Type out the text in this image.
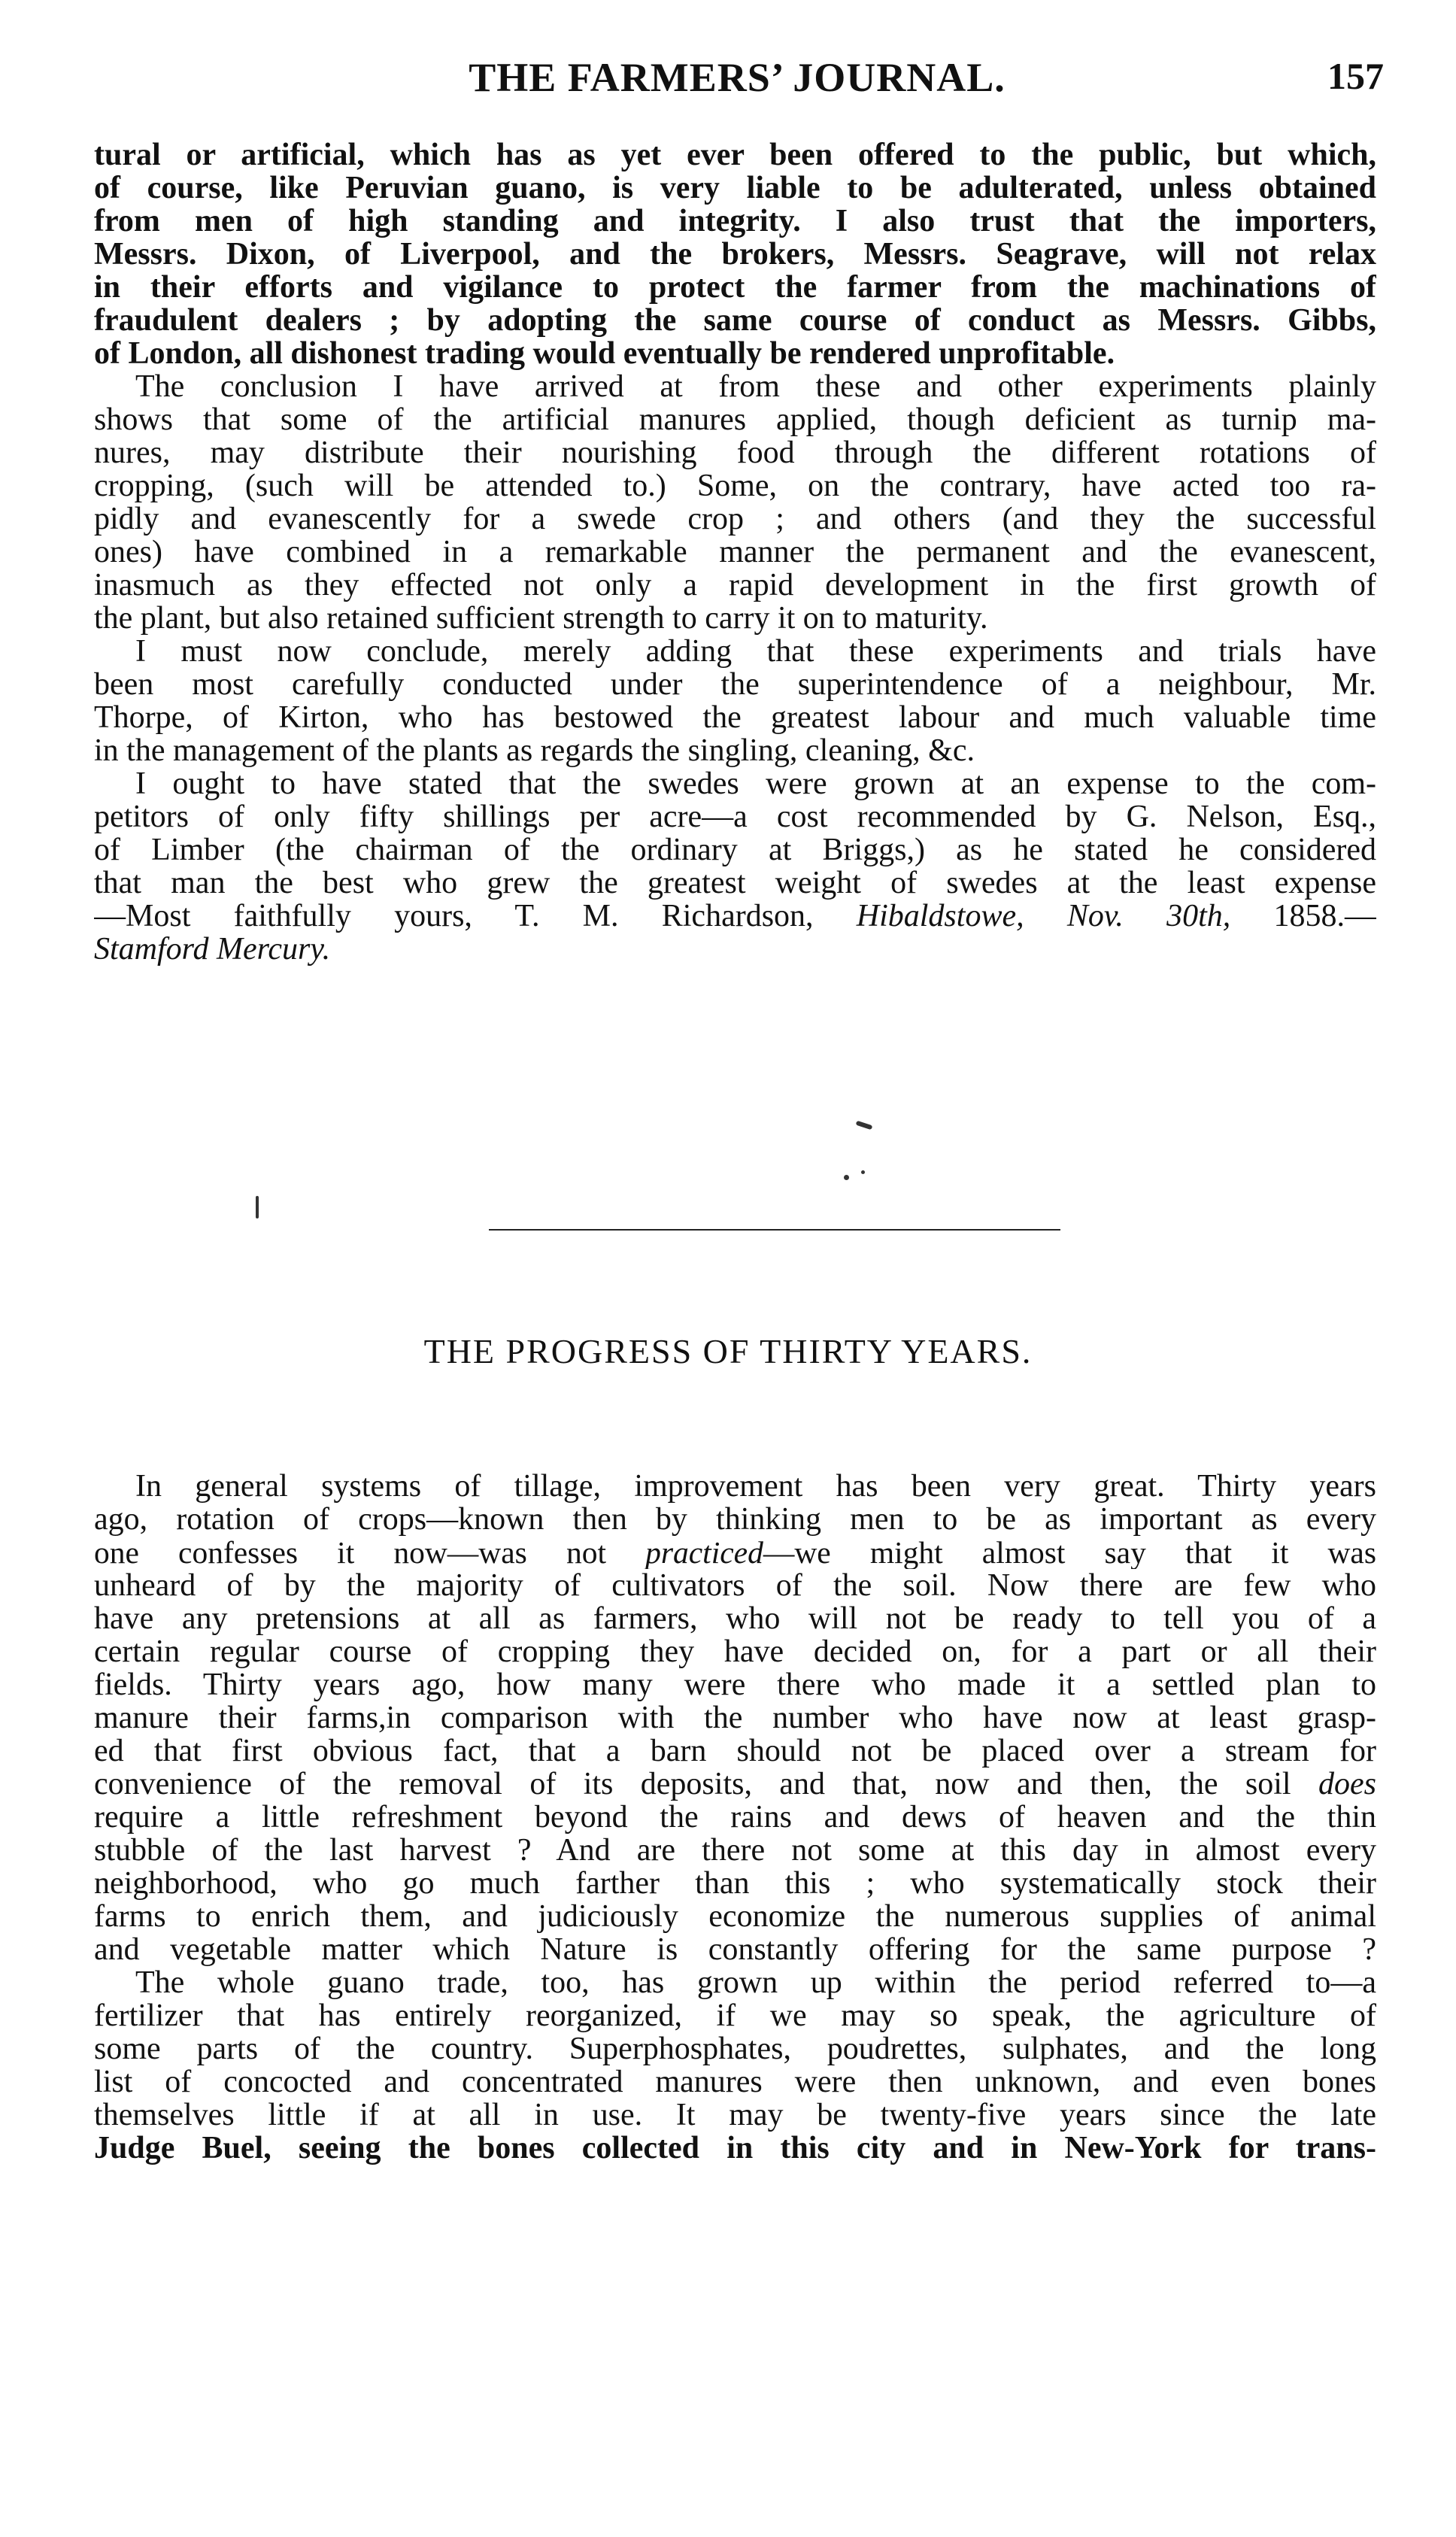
THE FARMERS’ JOURNAL.	157
tural or artificial, which has as yet ever been offered to the public, but which,
of course, like Peruvian guano, is very liable to be adulterated, unless obtained
from men of high standing and integrity. I also trust that the importers,
Messrs. Dixon, of Liverpool, and the brokers, Messrs. Seagrave, will not relax
in their efforts and vigilance to protect the farmer from the machinations of
fraudulent dealers ; by adopting the same course of conduct as Messrs. Gibbs,
of London, all dishonest trading would eventually be rendered unprofitable.
The conclusion I have arrived at from these and other experiments plainly
shows that some of the artificial manures applied, though deficient as turnip ma-
nures, may distribute their nourishing food through the different rotations of
cropping, (such will be attended to.) Some, on the contrary, have acted too ra-
pidly and evanescently for a swede crop ; and others (and they the successful
ones) have combined in a remarkable manner the permanent and the evanescent,
inasmuch as they effected not only a rapid development in the first growth of
the plant, but also retained sufficient strength to carry it on to maturity.
I must now conclude, merely adding that these experiments and trials have
been most carefully conducted under the superintendence of a neighbour, Mr.
Thorpe, of Kirton, who has bestowed the greatest labour and much valuable time
in the management of the plants as regards the singling, cleaning, &c.
I ought to have stated that the swedes were grown at an expense to the com-
petitors of only fifty shillings per acre—a cost recommended by G. Nelson, Esq.,
of Limber (the chairman of the ordinary at Briggs,) as he stated he considered
that man the best who grew the greatest weight of swedes at the least expense
—Most faithfully yours, T. M. Richardson, Hibaldstowe, Nov. 30th, 1858.—
Stamford Mercury.
THE PROGRESS OF THIRTY YEARS.
In general systems of tillage, improvement has been very great. Thirty years
ago, rotation of crops—known then by thinking men to be as important as every
one confesses it now—was not practiced—we might almost say that it was
unheard of by the majority of cultivators of the soil. Now there are few who
have any pretensions at all as farmers, who will not be ready to tell you of a
certain regular course of cropping they have decided on, for a part or all their
fields. Thirty years ago, how many were there who made it a settled plan to
manure their farms,in comparison with the number who have now at least grasp-
ed that first obvious fact, that a barn should not be placed over a stream for
convenience of the removal of its deposits, and that, now and then, the soil does
require a little refreshment beyond the rains and dews of heaven and the thin
stubble of the last harvest ? And are there not some at this day in almost every
neighborhood, who go much farther than this ; who systematically stock their
farms to enrich them, and judiciously economize the numerous supplies of animal
and vegetable matter which Nature is constantly offering for the same purpose ?
The whole guano trade, too, has grown up within the period referred to—a
fertilizer that has entirely reorganized, if we may so speak, the agriculture of
some parts of the country. Superphosphates, poudrettes, sulphates, and the long
list of concocted and concentrated manures were then unknown, and even bones
themselves little if at all in use. It may be twenty-five years since the late
Judge Buel, seeing the bones collected in this city and in New-York for trans-
